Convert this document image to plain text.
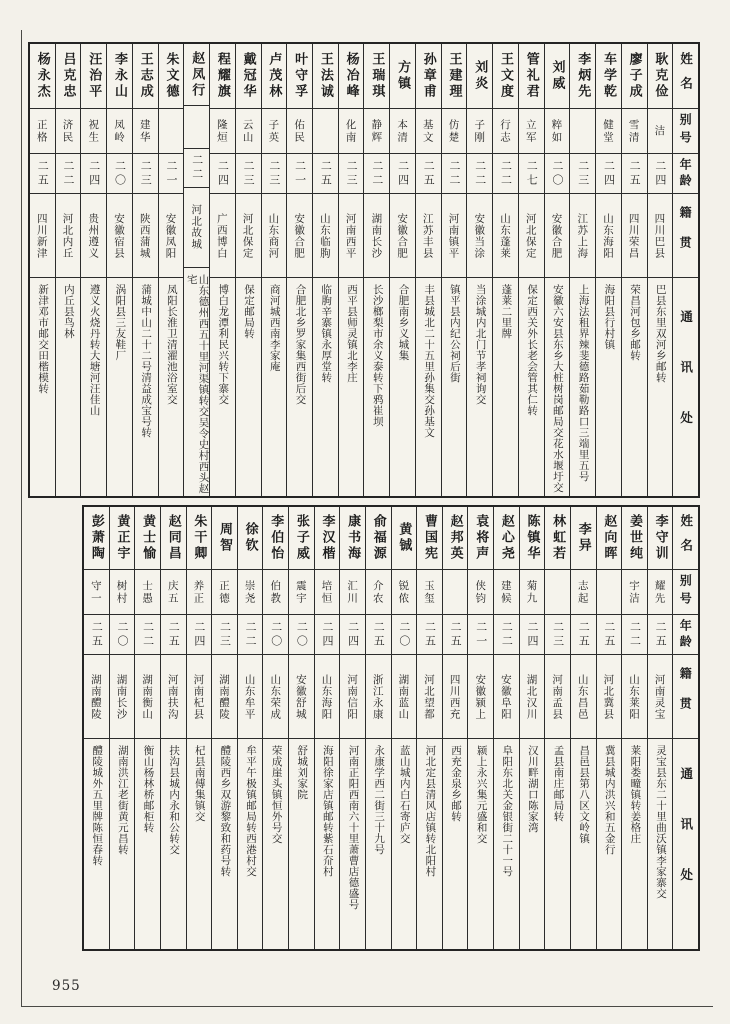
姓名
别号
年龄
籍贯
通讯处
耿克俭
洁
二四
四川巴县
巴县东里双河乡邮转
廖子成
雪清
二五
四川荣昌
荣昌河包乡邮转
车学乾
健堂
二四
山东海阳
海阳县行村镇
李炳先
二三
江苏上海
上海法租界辣斐德路茹勒路口三端里五号
刘威
粹如
二〇
安徽合肥
安徽六安县东乡大桩树岗邮局交花水堰圩交
管礼君
立军
二七
河北保定
保定西关外长老会管其仁转
王文度
行志
二二
山东蓬莱
蓬莱二里牌
刘炎
子刚
二二
安徽当涂
当涂城内北门节孝祠询交
王建理
仿楚
二二
河南镇平
镇平县内纪公祠后街
孙章甫
基文
二五
江苏丰县
丰县城北二十五里孙集交孙基文
方镇
本清
二四
安徽合肥
合肥南乡义城集
王瑞琪
静辉
二二
湖南长沙
长沙榔梨市余义泰转下鸦崔坝
杨冶峰
化南
二三
河南西平
西平县师灵镇北李庄
王法诚
二五
山东临朐
临朐辛寨镇永厚堂转
叶守孚
佑民
二一
安徽合肥
合肥北乡罗家集西街后交
卢茂林
子英
二三
山东商河
商河城西南李家庵
戴冠华
云山
二三
河北保定
保定邮局转
程耀旗
隆烜
二四
广西博白
博白龙潭利民兴转下寨交
赵凤行
二二
河北故城
山东德州西五十里河渠镇转交吴令史村西头赵宅
朱文德
二一
安徽凤阳
凤阳长淮卫清濯池浴室交
王志成
建华
二三
陕西蒲城
蒲城中山二十二号清益成宝号转
李永山
凤岭
二〇
安徽宿县
涡阳县三友鞋厂
汪治平
祝生
二四
贵州遵义
遵义火烧丹转大塘河汪佳山
吕克忠
济民
二二
河北内丘
内丘县鸟林
杨永杰
正格
二五
四川新津
新津邓市邮交田楷模转
姓名
别号
年龄
籍贯
通讯处
李守训
耀先
二五
河南灵宝
灵宝县东二十里曲沃镇李家寨交
姜世纯
宇洁
二二
山东莱阳
莱阳娄疃镇转姜格庄
赵向晖
二五
河北冀县
冀县城内洪兴和五金行
李异
志起
二五
山东昌邑
昌邑县第八区文岭镇
林虹若
二三
河南孟县
孟县南庄邮局转
陈镇华
菊九
二四
湖北汉川
汉川畔湖口陈家湾
赵心尧
建候
二二
安徽阜阳
阜阳东北关金银街二十一号
袁将声
侠钧
二一
安徽颍上
颍上永兴集元盛和交
赵邦英
二五
四川西充
西充金泉乡邮转
曹国宪
玉玺
二五
河北望都
河北定县清风店镇转北阳村
黄铖
锐侬
二〇
湖南蓝山
蓝山城内白石寄庐交
俞福源
介农
二五
浙江永康
永康学西二街三十九号
康书海
汇川
二四
河南信阳
河南正阳西南六十里萧曹店德盛号
李汉楷
培恒
二四
山东海阳
海阳徐家店镇邮转紫石夼村
张子威
震宇
二〇
安徽舒城
舒城刘家院
李伯怡
伯教
二〇
山东荣成
荣成崖头镇恒外号交
徐钦
崇尧
二二
山东牟平
牟平午极镇邮局转西港村交
周智
正德
二三
湖南醴陵
醴陵西乡双游黎致和药号转
朱干卿
养正
二四
河南杞县
杞县南傅集镇交
赵同昌
庆五
二五
河南扶沟
扶沟县城内永和公转交
黄士愉
士愚
二二
湖南衡山
衡山杨林桥邮柜转
黄正宇
树村
二〇
湖南长沙
湖南洪江老街黄元昌转
彭萧陶
守一
二五
湖南醴陵
醴陵城外五里牌陈恒春转
955
